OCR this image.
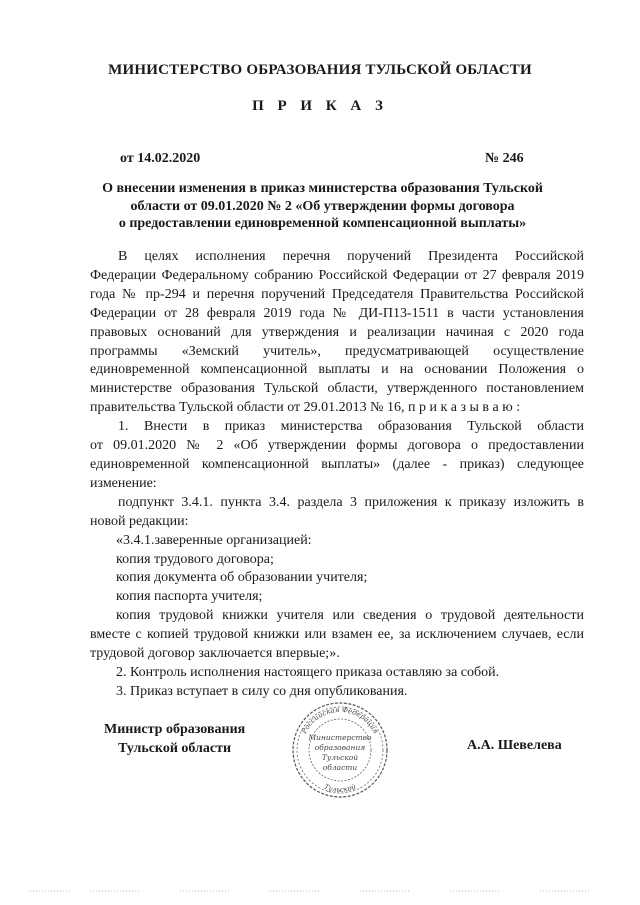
МИНИСТЕРСТВО ОБРАЗОВАНИЯ ТУЛЬСКОЙ ОБЛАСТИ
П Р И К А З
от 14.02.2020	№ 246
О внесении изменения в приказ министерства образования Тульской
области от 09.01.2020 № 2 «Об утверждении формы договора
о предоставлении единовременной компенсационной выплаты»
В целях исполнения перечня поручений Президента Российской
Федерации Федеральному собранию Российской Федерации от 27 февраля 2019
года № пр-294 и перечня поручений Председателя Правительства Российской
Федерации от 28 февраля 2019 года № ДИ-П13-1511 в части установления
правовых оснований для утверждения и реализации начиная с 2020 года
программы «Земский учитель», предусматривающей осуществление
единовременной компенсационной выплаты и на основании Положения о
министерстве образования Тульской области, утвержденного постановлением
правительства Тульской области от 29.01.2013 № 16, п р и к а з ы в а ю :
1. Внести в приказ министерства образования Тульской области
от 09.01.2020 № 2 «Об утверждении формы договора о предоставлении
единовременной компенсационной выплаты» (далее - приказ) следующее
изменение:
подпункт 3.4.1. пункта 3.4. раздела 3 приложения к приказу изложить в
новой редакции:
«3.4.1.заверенные организацией:
копия трудового договора;
копия документа об образовании учителя;
копия паспорта учителя;
копия трудовой книжки учителя или сведения о трудовой деятельности
вместе с копией трудовой книжки или взамен ее, за исключением случаев, если
трудовой договор заключается впервые;».
2. Контроль исполнения настоящего приказа оставляю за собой.
3. Приказ вступает в силу со дня опубликования.
Министр образования
Тульской области	А.А. Шевелева
Российская Федерация
Тульской
Министерство
образования
Тульской
области
